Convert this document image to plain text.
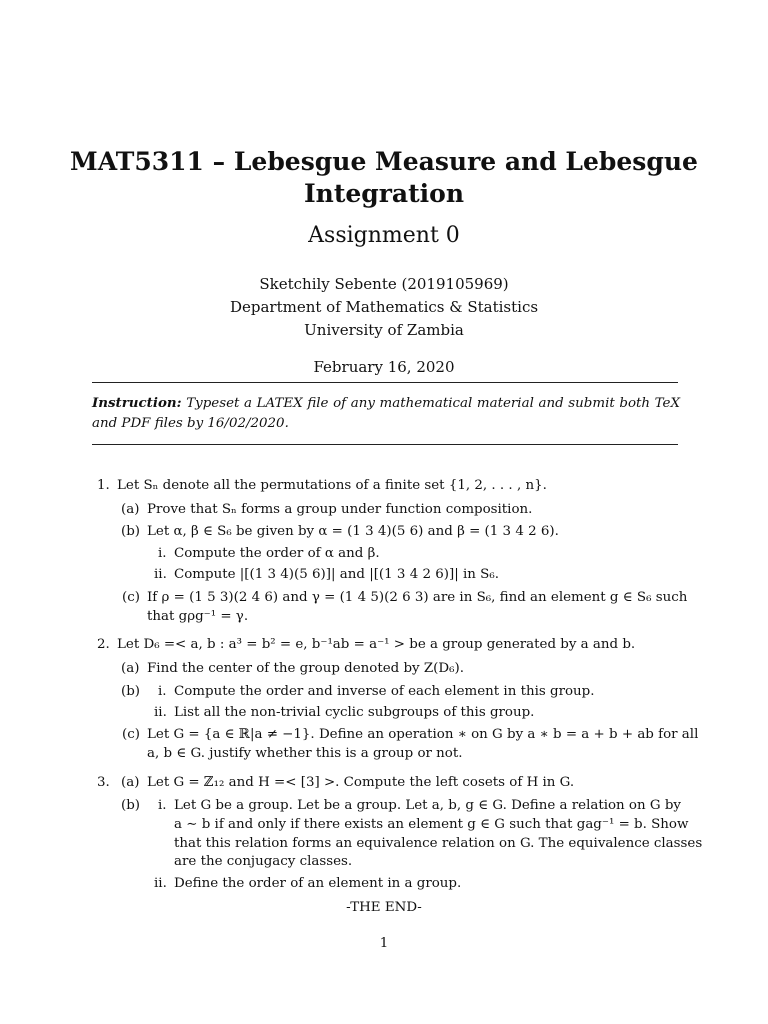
MAT5311 – Lebesgue Measure and Lebesgue
Integration
Assignment 0
Sketchily Sebente (2019105969)
Department of Mathematics & Statistics
University of Zambia
February 16, 2020
Instruction: Typeset a LATEX file of any mathematical material and submit both TeX and PDF files by 16/02/2020.
1. Let Sₙ denote all the permutations of a finite set {1, 2, . . . , n}.
(a) Prove that Sₙ forms a group under function composition.
(b) Let α, β ∈ S₆ be given by α = (1 3 4)(5 6) and β = (1 3 4 2 6).
i. Compute the order of α and β.
ii. Compute |[(1 3 4)(5 6)]| and |[(1 3 4 2 6)]| in S₆.
(c) If ρ = (1 5 3)(2 4 6) and γ = (1 4 5)(2 6 3) are in S₆, find an element g ∈ S₆ such
that gρg⁻¹ = γ.
2. Let D₆ =< a, b : a³ = b² = e, b⁻¹ab = a⁻¹ > be a group generated by a and b.
(a) Find the center of the group denoted by Z(D₆).
(b) i. Compute the order and inverse of each element in this group.
ii. List all the non-trivial cyclic subgroups of this group.
(c) Let G = {a ∈ ℝ|a ≠ −1}. Define an operation ∗ on G by a ∗ b = a + b + ab for all
a, b ∈ G. justify whether this is a group or not.
3. (a) Let G = ℤ₁₂ and H =< [3] >. Compute the left cosets of H in G.
(b) i. Let G be a group. Let be a group. Let a, b, g ∈ G. Define a relation on G by
a ∼ b if and only if there exists an element g ∈ G such that gag⁻¹ = b. Show
that this relation forms an equivalence relation on G. The equivalence classes
are the conjugacy classes.
ii. Define the order of an element in a group.
-THE END-
1
